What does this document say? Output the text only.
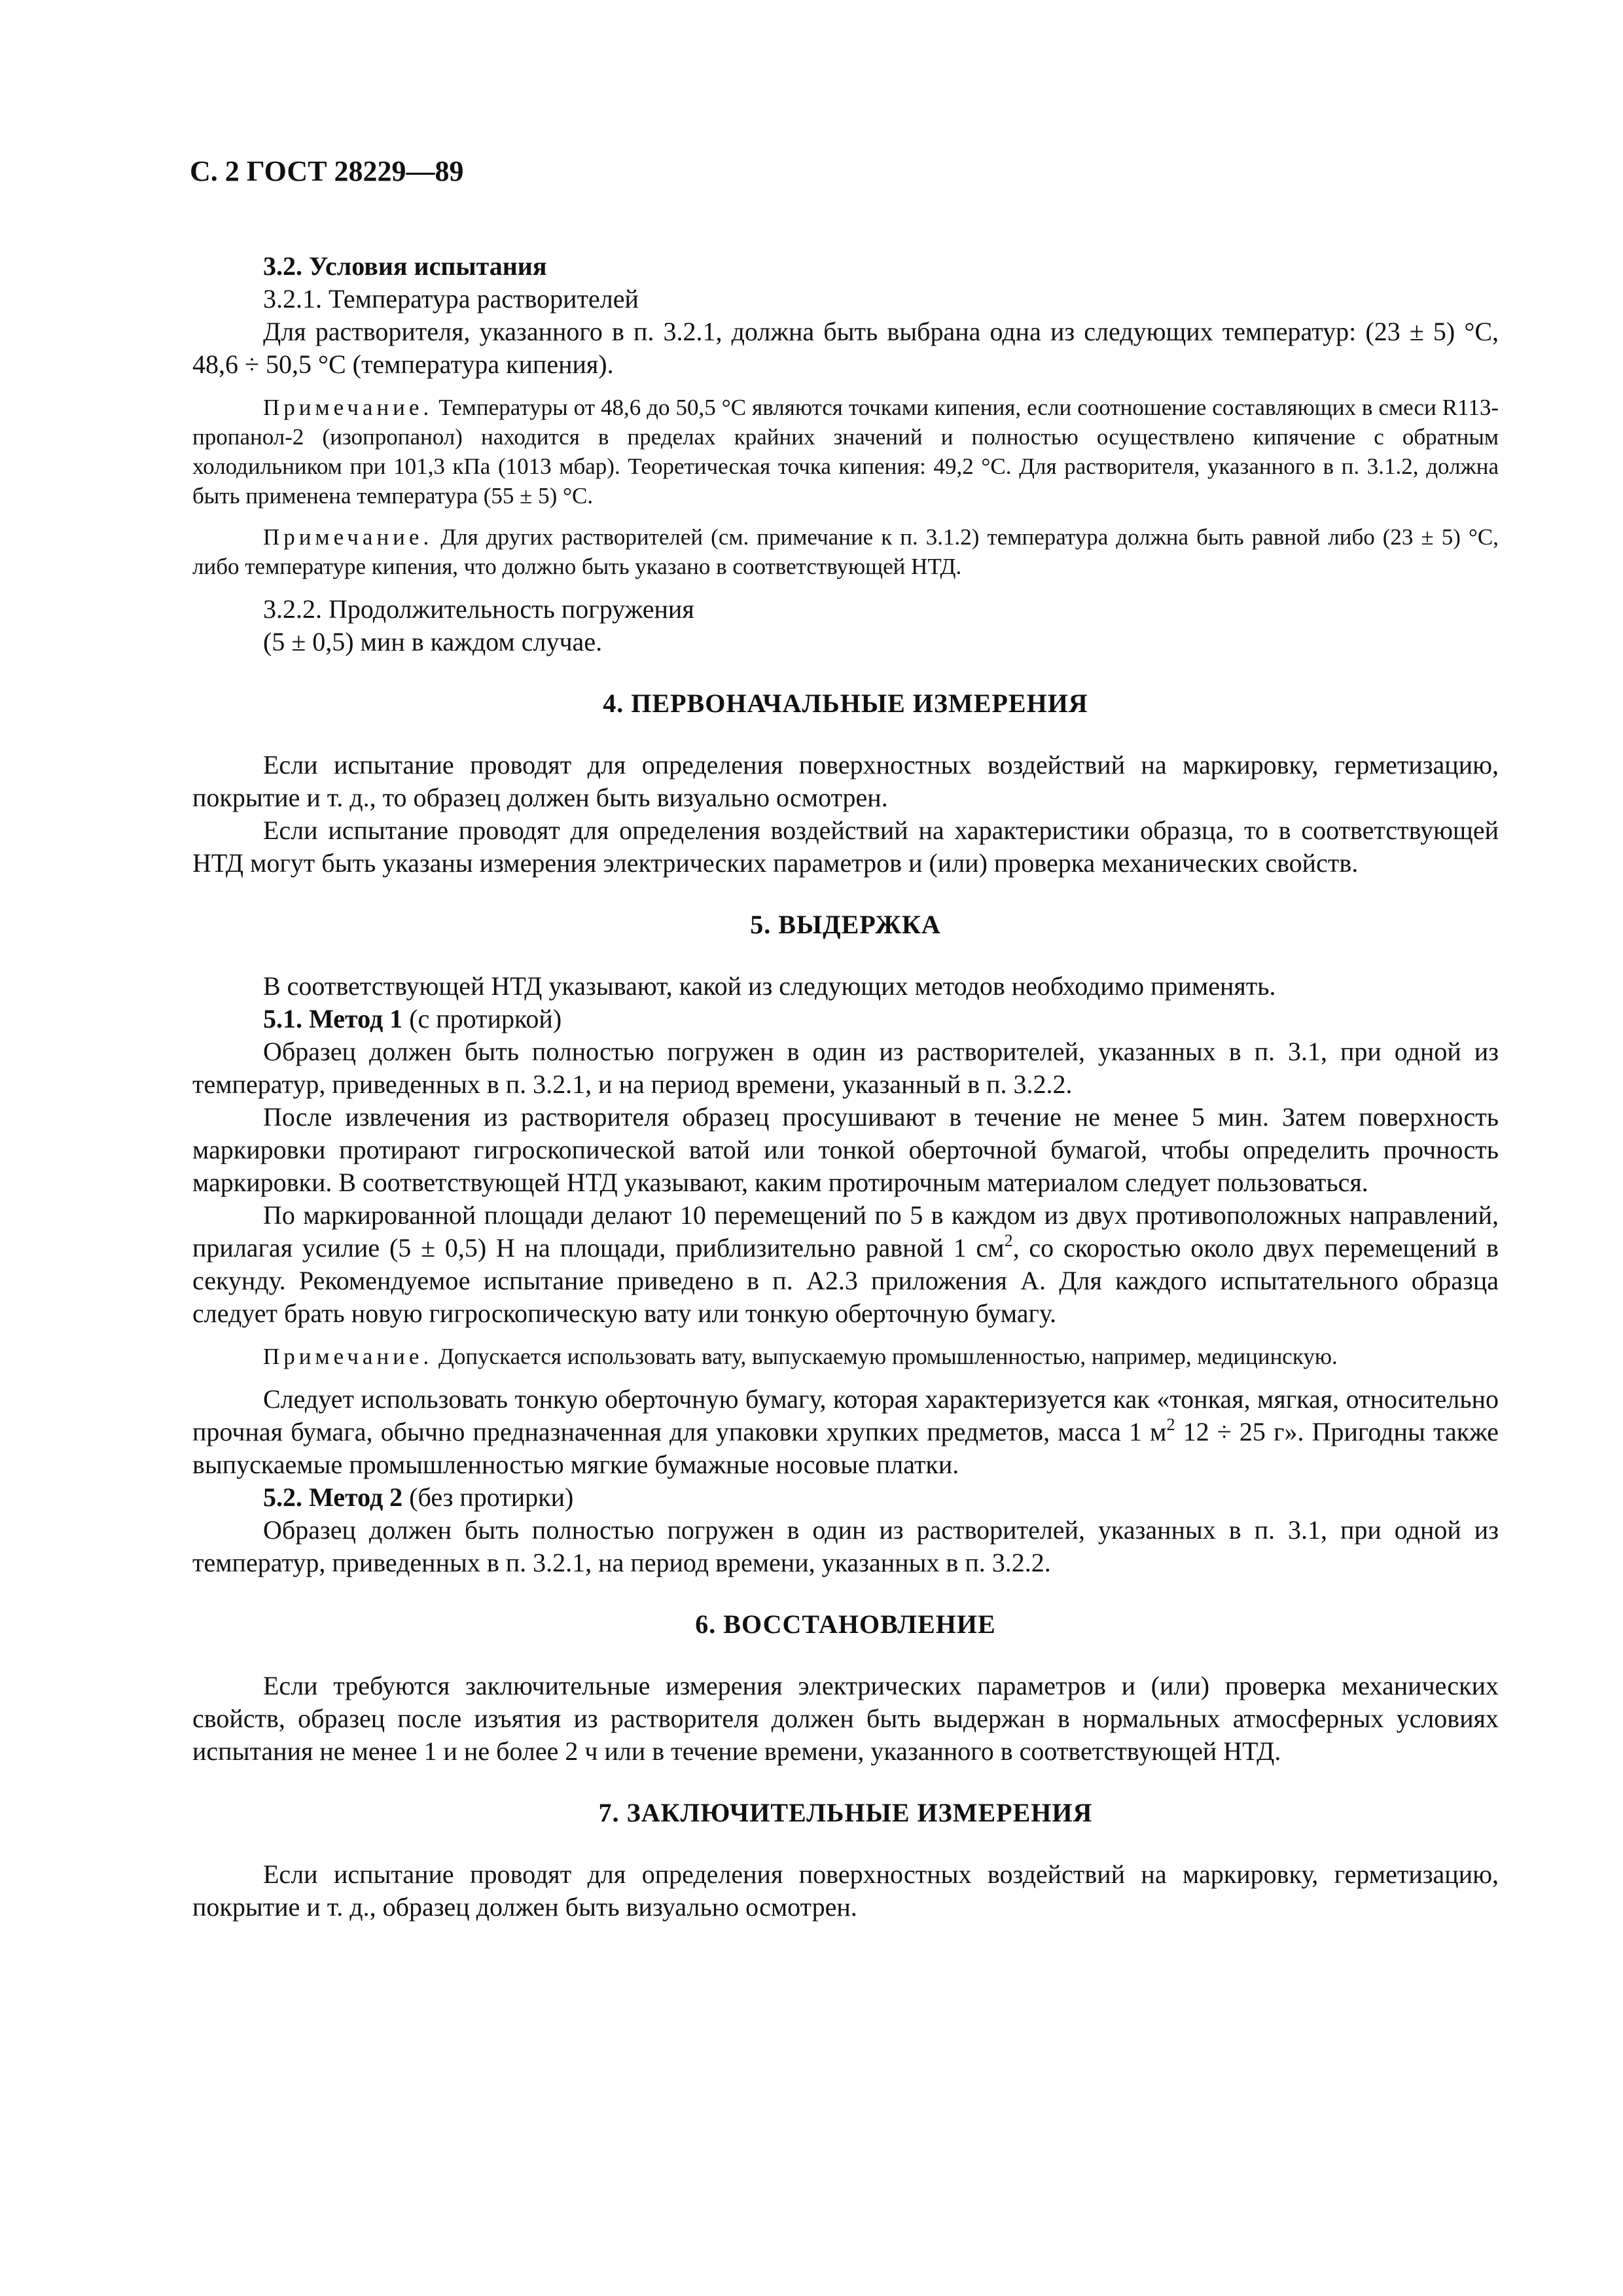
С. 2 ГОСТ 28229—89

3.2. Условия испытания

3.2.1. Температура растворителей

Для растворителя, указанного в п. 3.2.1, должна быть выбрана одна из следующих температур: (23 ± 5) °С, 48,6 ÷ 50,5 °С (температура кипения).

Примечание. Температуры от 48,6 до 50,5 °С являются точками кипения, если соотношение составляющих в смеси R113-пропанол-2 (изопропанол) находится в пределах крайних значений и полностью осуществлено кипячение с обратным холодильником при 101,3 кПа (1013 мбар). Теоретическая точка кипения: 49,2 °С. Для растворителя, указанного в п. 3.1.2, должна быть применена температура (55 ± 5) °С.

Примечание. Для других растворителей (см. примечание к п. 3.1.2) температура должна быть равной либо (23 ± 5) °С, либо температуре кипения, что должно быть указано в соответствующей НТД.

3.2.2. Продолжительность погружения

(5 ± 0,5) мин в каждом случае.

4. ПЕРВОНАЧАЛЬНЫЕ ИЗМЕРЕНИЯ

Если испытание проводят для определения поверхностных воздействий на маркировку, герметизацию, покрытие и т. д., то образец должен быть визуально осмотрен.

Если испытание проводят для определения воздействий на характеристики образца, то в соответствующей НТД могут быть указаны измерения электрических параметров и (или) проверка механических свойств.

5. ВЫДЕРЖКА

В соответствующей НТД указывают, какой из следующих методов необходимо применять.

5.1. Метод 1 (с протиркой)

Образец должен быть полностью погружен в один из растворителей, указанных в п. 3.1, при одной из температур, приведенных в п. 3.2.1, и на период времени, указанный в п. 3.2.2.

После извлечения из растворителя образец просушивают в течение не менее 5 мин. Затем поверхность маркировки протирают гигроскопической ватой или тонкой оберточной бумагой, чтобы определить прочность маркировки. В соответствующей НТД указывают, каким протирочным материалом следует пользоваться.

По маркированной площади делают 10 перемещений по 5 в каждом из двух противоположных направлений, прилагая усилие (5 ± 0,5) Н на площади, приблизительно равной 1 $см^2$, со скоростью около двух перемещений в секунду. Рекомендуемое испытание приведено в п. А2.3 приложения А. Для каждого испытательного образца следует брать новую гигроскопическую вату или тонкую оберточную бумагу.

Примечание. Допускается использовать вату, выпускаемую промышленностью, например, медицинскую.

Следует использовать тонкую оберточную бумагу, которая характеризуется как «тонкая, мягкая, относительно прочная бумага, обычно предназначенная для упаковки хрупких предметов, масса 1 $м^2$ 12 ÷ 25 г». Пригодны также выпускаемые промышленностью мягкие бумажные носовые платки.

5.2. Метод 2 (без протирки)

Образец должен быть полностью погружен в один из растворителей, указанных в п. 3.1, при одной из температур, приведенных в п. 3.2.1, на период времени, указанных в п. 3.2.2.

6. ВОССТАНОВЛЕНИЕ

Если требуются заключительные измерения электрических параметров и (или) проверка механических свойств, образец после изъятия из растворителя должен быть выдержан в нормальных атмосферных условиях испытания не менее 1 и не более 2 ч или в течение времени, указанного в соответствующей НТД.

7. ЗАКЛЮЧИТЕЛЬНЫЕ ИЗМЕРЕНИЯ

Если испытание проводят для определения поверхностных воздействий на маркировку, герметизацию, покрытие и т. д., образец должен быть визуально осмотрен.
